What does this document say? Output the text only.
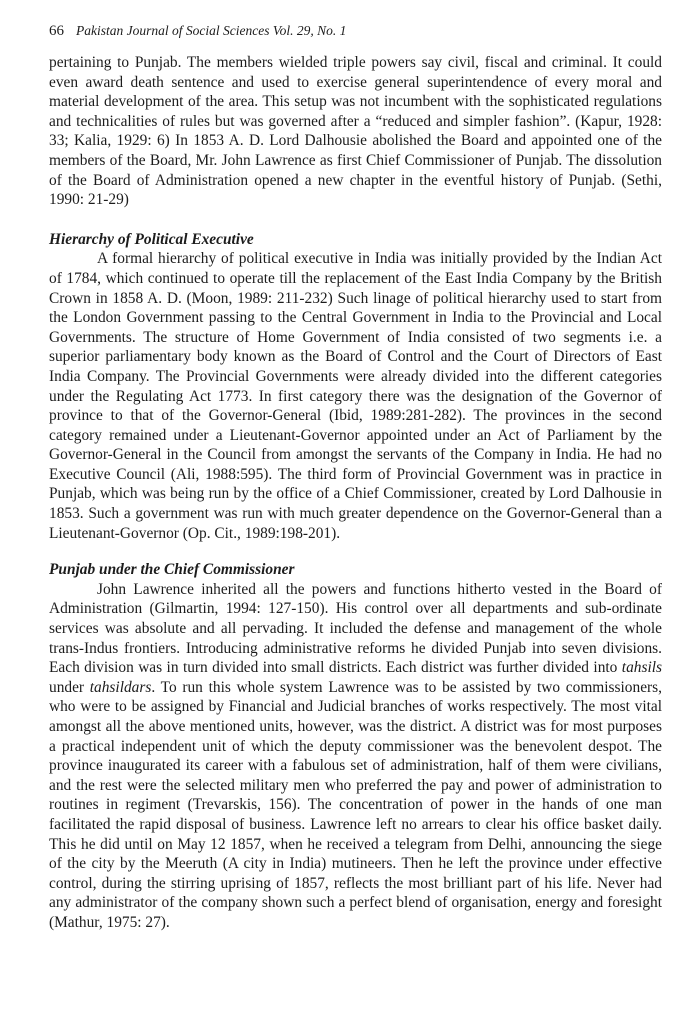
66 Pakistan Journal of Social Sciences Vol. 29, No. 1

pertaining to Punjab. The members wielded triple powers say civil, fiscal and criminal. It could even award death sentence and used to exercise general superintendence of every moral and material development of the area. This setup was not incumbent with the sophisticated regulations and technicalities of rules but was governed after a “reduced and simpler fashion”. (Kapur, 1928: 33; Kalia, 1929: 6) In 1853 A. D. Lord Dalhousie abolished the Board and appointed one of the members of the Board, Mr. John Lawrence as first Chief Commissioner of Punjab. The dissolution of the Board of Administration opened a new chapter in the eventful history of Punjab. (Sethi, 1990: 21-29)

Hierarchy of Political Executive

A formal hierarchy of political executive in India was initially provided by the Indian Act of 1784, which continued to operate till the replacement of the East India Company by the British Crown in 1858 A. D. (Moon, 1989: 211-232) Such linage of political hierarchy used to start from the London Government passing to the Central Government in India to the Provincial and Local Governments. The structure of Home Government of India consisted of two segments i.e. a superior parliamentary body known as the Board of Control and the Court of Directors of East India Company. The Provincial Governments were already divided into the different categories under the Regulating Act 1773. In first category there was the designation of the Governor of province to that of the Governor-General (Ibid, 1989:281-282). The provinces in the second category remained under a Lieutenant-Governor appointed under an Act of Parliament by the Governor-General in the Council from amongst the servants of the Company in India. He had no Executive Council (Ali, 1988:595). The third form of Provincial Government was in practice in Punjab, which was being run by the office of a Chief Commissioner, created by Lord Dalhousie in 1853. Such a government was run with much greater dependence on the Governor-General than a Lieutenant-Governor (Op. Cit., 1989:198-201).

Punjab under the Chief Commissioner

John Lawrence inherited all the powers and functions hitherto vested in the Board of Administration (Gilmartin, 1994: 127-150). His control over all departments and sub-ordinate services was absolute and all pervading. It included the defense and management of the whole trans-Indus frontiers. Introducing administrative reforms he divided Punjab into seven divisions. Each division was in turn divided into small districts. Each district was further divided into tahsils under tahsildars. To run this whole system Lawrence was to be assisted by two commissioners, who were to be assigned by Financial and Judicial branches of works respectively. The most vital amongst all the above mentioned units, however, was the district. A district was for most purposes a practical independent unit of which the deputy commissioner was the benevolent despot. The province inaugurated its career with a fabulous set of administration, half of them were civilians, and the rest were the selected military men who preferred the pay and power of administration to routines in regiment (Trevarskis, 156). The concentration of power in the hands of one man facilitated the rapid disposal of business. Lawrence left no arrears to clear his office basket daily. This he did until on May 12 1857, when he received a telegram from Delhi, announcing the siege of the city by the Meeruth (A city in India) mutineers. Then he left the province under effective control, during the stirring uprising of 1857, reflects the most brilliant part of his life. Never had any administrator of the company shown such a perfect blend of organisation, energy and foresight (Mathur, 1975: 27).
